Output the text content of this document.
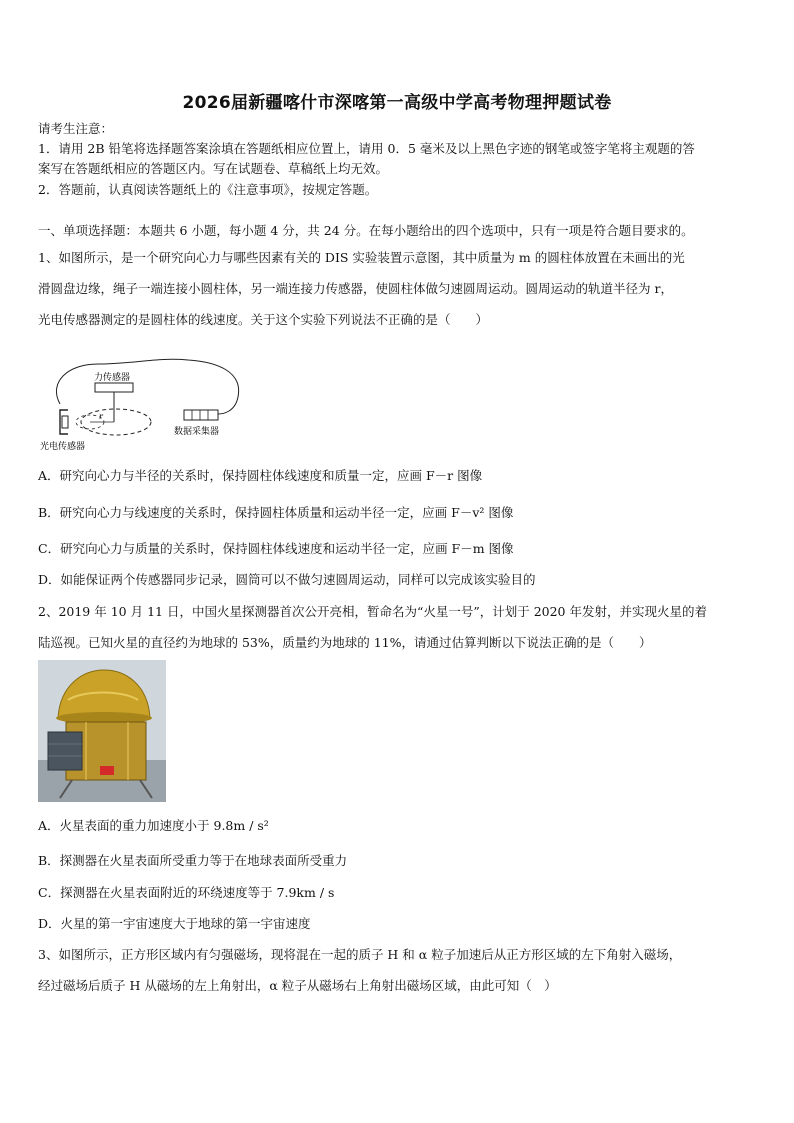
2026届新疆喀什市深喀第一高级中学高考物理押题试卷
请考生注意：
1．请用 2B 铅笔将选择题答案涂填在答题纸相应位置上，请用 0．5 毫米及以上黑色字迹的钢笔或签字笔将主观题的答
案写在答题纸相应的答题区内。写在试题卷、草稿纸上均无效。
2．答题前，认真阅读答题纸上的《注意事项》，按规定答题。
一、单项选择题：本题共 6 小题，每小题 4 分，共 24 分。在每小题给出的四个选项中，只有一项是符合题目要求的。
1、如图所示，是一个研究向心力与哪些因素有关的 DIS 实验装置示意图，其中质量为 m 的圆柱体放置在未画出的光
滑圆盘边缘，绳子一端连接小圆柱体，另一端连接力传感器，使圆柱体做匀速圆周运动。圆周运动的轨道半径为 r，
光电传感器测定的是圆柱体的线速度。关于这个实验下列说法不正确的是（　　）
力传感器
r
光电传感器
数据采集器
A．研究向心力与半径的关系时，保持圆柱体线速度和质量一定，应画 F－r 图像
B．研究向心力与线速度的关系时，保持圆柱体质量和运动半径一定，应画 F－v² 图像
C．研究向心力与质量的关系时，保持圆柱体线速度和运动半径一定，应画 F－m 图像
D．如能保证两个传感器同步记录，圆筒可以不做匀速圆周运动，同样可以完成该实验目的
2、2019 年 10 月 11 日，中国火星探测器首次公开亮相，暂命名为“火星一号”，计划于 2020 年发射，并实现火星的着
陆巡视。已知火星的直径约为地球的 53%，质量约为地球的 11%，请通过估算判断以下说法正确的是（　　）
A．火星表面的重力加速度小于 9.8m / s²
B．探测器在火星表面所受重力等于在地球表面所受重力
C．探测器在火星表面附近的环绕速度等于 7.9km / s
D．火星的第一宇宙速度大于地球的第一宇宙速度
3、如图所示，正方形区域内有匀强磁场，现将混在一起的质子 H 和 α 粒子加速后从正方形区域的左下角射入磁场，
经过磁场后质子 H 从磁场的左上角射出，α 粒子从磁场右上角射出磁场区域，由此可知（　）
